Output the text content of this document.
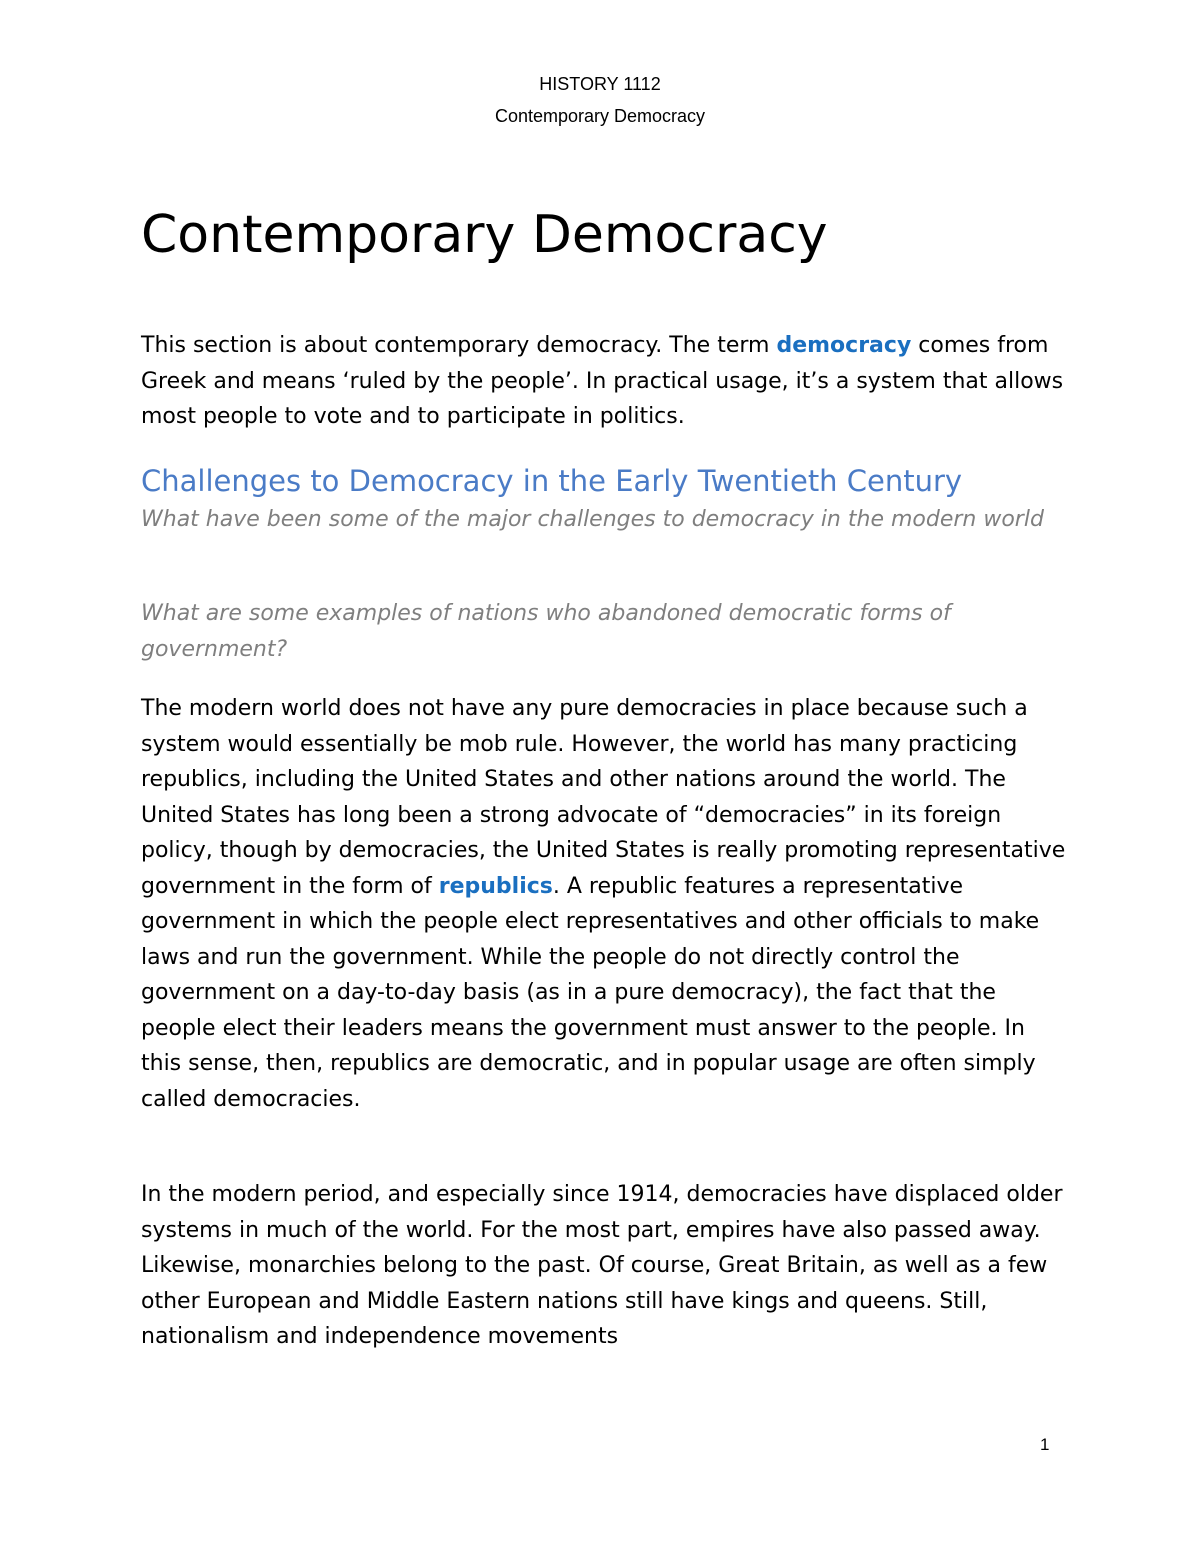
HISTORY 1112
Contemporary Democracy
Contemporary Democracy

This section is about contemporary democracy. The term democracy comes from Greek and means ‘ruled by the people’. In practical usage, it’s a system that allows most people to vote and to participate in politics.

Challenges to Democracy in the Early Twentieth Century

What have been some of the major challenges to democracy in the modern world

What are some examples of nations who abandoned democratic forms of government?

The modern world does not have any pure democracies in place because such a system would essentially be mob rule. However, the world has many practicing republics, including the United States and other nations around the world. The United States has long been a strong advocate of “democracies” in its foreign policy, though by democracies, the United States is really promoting representative government in the form of republics. A republic features a representative government in which the people elect representatives and other officials to make laws and run the government. While the people do not directly control the government on a day-to-day basis (as in a pure democracy), the fact that the people elect their leaders means the government must answer to the people. In this sense, then, republics are democratic, and in popular usage are often simply called democracies.

In the modern period, and especially since 1914, democracies have displaced older systems in much of the world. For the most part, empires have also passed away. Likewise, monarchies belong to the past. Of course, Great Britain, as well as a few other European and Middle Eastern nations still have kings and queens. Still, nationalism and independence movements

1
